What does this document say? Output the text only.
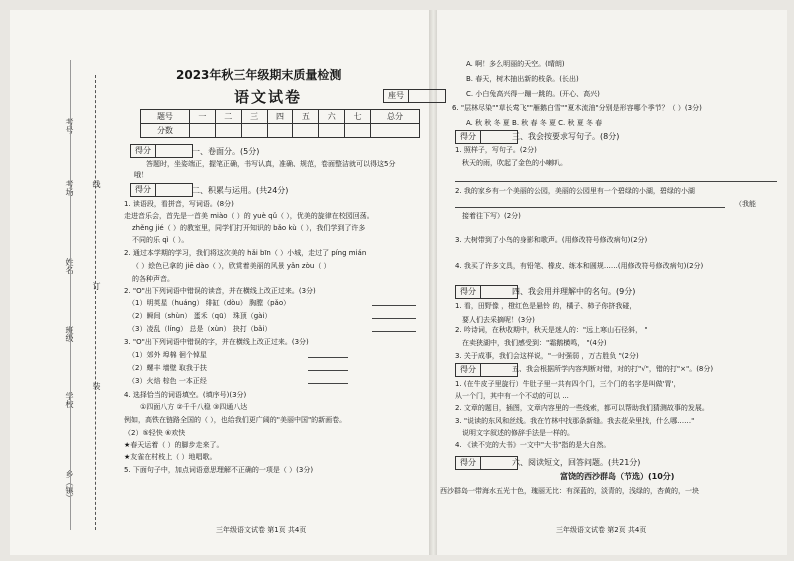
考号
考场
班级
姓名
学校
乡（镇）
线
订
装
2023年秋三年级期末质量检测
语文试卷	座号
题号	一	二	三	四	五	六	七	总分
分数								
得分
得分
一、卷面分。(5分)
答题时，坐姿端正，握笔正确，书写认真，准确、规范，卷面整洁就可以得这5分
哦！
二、积累与运用。(共24分)
1. 读语段，看拼音，写词语。(8分)
走进音乐会，首先是一首美 miào（ ）的 yuè qǔ（ ），优美的旋律在校园回荡。
zhěng jié（ ）的教室里，同学们打开知识的 bǎo kù（ ），我们学到了许多
不同的乐 qì（ ）。
2. 通过本学期的学习，我们将这次美的 hǎi bīn（ ）小城，走过了 píng mián
（ ）絵色已拿的 jiē dào（ ），欣赏着美丽的风景 yǎn zòu（ ）
的各种声音。
2. "O"出下列词语中错误的读音，并在横线上改正过来。(3分)
（1）明英星（huáng） 绯缸（dòu） 胸膛（pǎo）
（2）瞬间（shùn） 蛋禾（qū） 珠顶（gài）
（3）凌乱（líng） 总是（xùn） 抉打（bǎi）
3. "O"出下列词语中错误的字，并在横线上改正过来。(3分)
（1）郊外 埠棉 徊个悼星
（2）螺丰 墙壁 取我于扶
（3）火焙 棕色 一本正经
4. 选择恰当的词语填空。(填序号)(3分)
①四面八方 ②千千八稳 ③四通八达
例如，高铁在链路全国的（ ），也给我们更广阔的"美丽中国"的新画卷。
（2）⑤轻快 ⑥欢快
★春天运着（ ）的脚步走来了。
★友雀在村枝上（ ）地唱歌。
5. 下面句子中，加点词语意思理解不正确的一项是（ ）(3分)
三年级语文试卷 第1页 共4页
A. 啊！多么明丽的天空。(晴朗)
B. 春天，树木抽出新的枝条。(长出)
C. 小白兔高兴得一蹦一跳的。(开心、高兴)
6. "层林尽染""草长莺飞""雁鹅白雪""夏木流油"分别是形容哪个季节？（ ）(3分)
A. 秋 秋 冬 夏 B. 秋 春 冬 夏 C. 秋 夏 冬 春
得分	三、我会按要求写句子。(8分)
1. 照样子，写句子。(2分)
秋天的雨，吹起了金色的小喇叭。
2. 我的家乡有一个美丽的公园，美丽的公园里有一个碧绿的小湖，碧绿的小湖
（我能
接着往下写）(2分)
3. 大树带到了小鸟的身影和歌声。(用修改符号修改病句)(2分)
4. 我买了许多文具，有铅笔、橡皮、练本和圆规……(用修改符号修改病句)(2分)
得分	四、我会用并理解中的名句。(9分)
1. 看，田野像 ，橙红色是悬铃 的，橘子、柿子你挤我碰，
要人们去采摘呢！(3分)
2. 吟诗词，在秋收期中，秋天是迷人的："远上寒山石径斜， "
在卖狭湖中，我们感受到："霜鹅横鸣， "(4分)
3. 关于成事，我们会这样说，"一时强弱 ，万古胜负 "(2分)
得分	五、我会根据所学内容判断对错，对的打"√"，错的打"×"。(8分)
1. (在牛皮子里旋行）牛肚子里一共有四个门，三个门的名字是叫做'胃'，
从一个门，其中有一个不动的可以 ...
2. 文章的题目，插图，文章内容里的一些线索，都可以帮助我们猜测故事的发展。
3. "说读的东风和丝线。我在竹林中找那条新缝。我去花朵里找，什么哪……"
说明文字叙述的修辞手法是一样的。
4. 《读不完的大书》一文中"大书"指的是大自然。
得分	六、阅读短文，回答问题。(共21分)
富饶的西沙群岛（节选）(10分)
西沙群岛一带海水五光十色，瑰丽无比：有深蓝的，淡青的，浅绿的，杏黄的，一块
三年级语文试卷 第2页 共4页
